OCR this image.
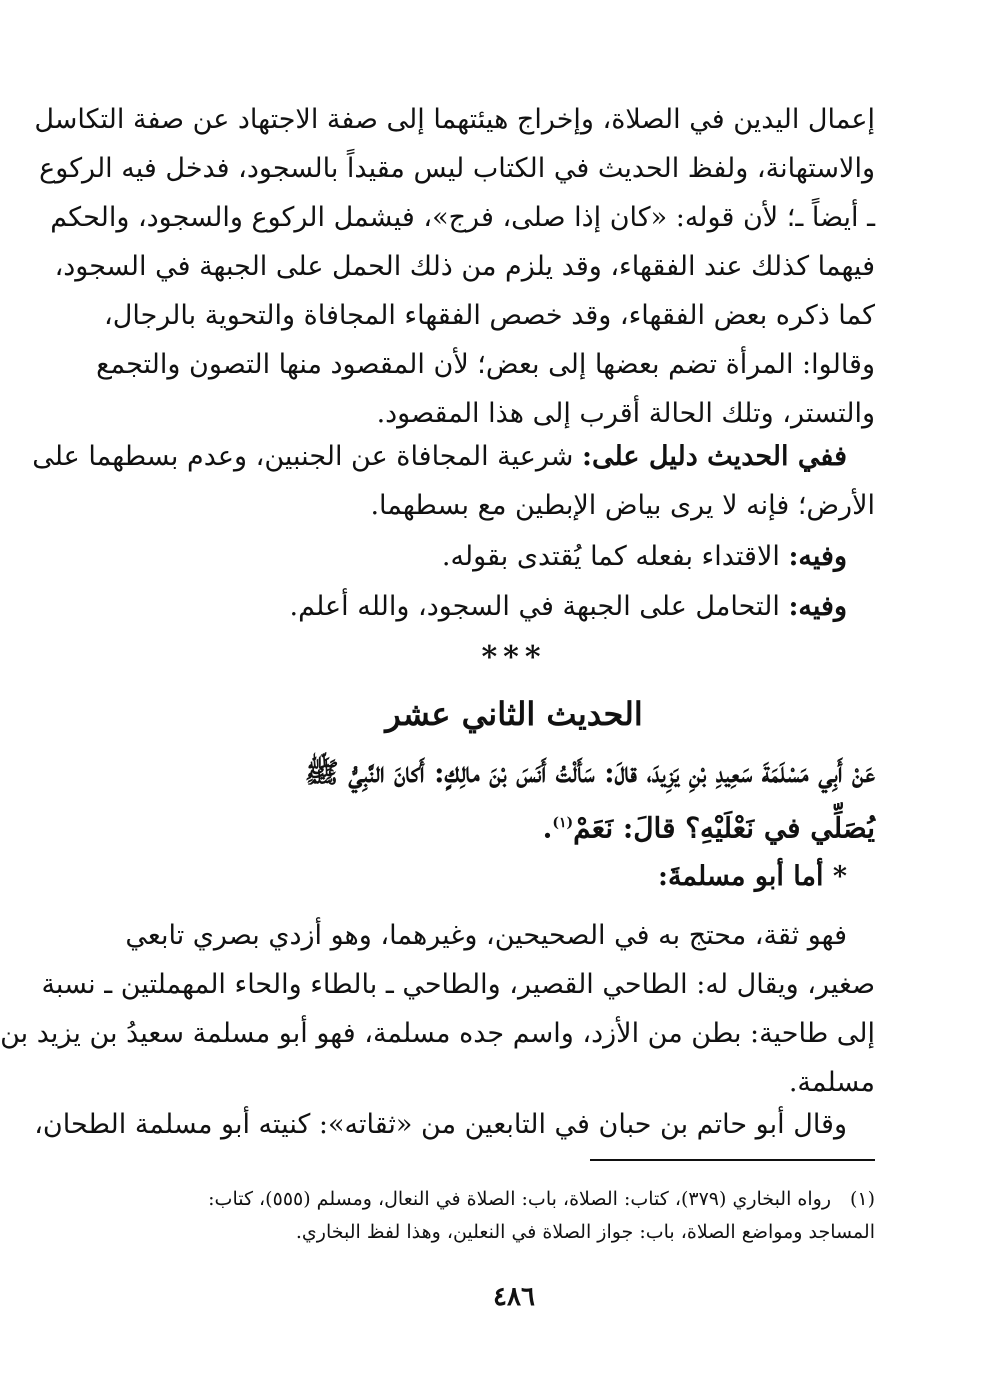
إعمال اليدين في الصلاة، وإخراج هيئتهما إلى صفة الاجتهاد عن صفة التكاسل
والاستهانة، ولفظ الحديث في الكتاب ليس مقيداً بالسجود، فدخل فيه الركوع
ـ أيضاً ـ؛ لأن قوله: «كان إذا صلى، فرج»، فيشمل الركوع والسجود، والحكم
فيهما كذلك عند الفقهاء، وقد يلزم من ذلك الحمل على الجبهة في السجود،
كما ذكره بعض الفقهاء، وقد خصص الفقهاء المجافاة والتحوية بالرجال،
وقالوا: المرأة تضم بعضها إلى بعض؛ لأن المقصود منها التصون والتجمع
والتستر، وتلك الحالة أقرب إلى هذا المقصود.
ففي الحديث دليل على: شرعية المجافاة عن الجنبين، وعدم بسطهما على
الأرض؛ فإنه لا يرى بياض الإبطين مع بسطهما.
وفيه: الاقتداء بفعله كما يُقتدى بقوله.
وفيه: التحامل على الجبهة في السجود، والله أعلم.
***
الحديث الثاني عشر
عَنْ أَبِي مَسْلَمَةَ سَعِيدِ بْنِ يَزِيدَ، قالَ: سَأَلْتُ أَنَسَ بْنَ مالِكٍ: أَكانَ النَّبِيُّ ﷺ
يُصَلِّي في نَعْلَيْهِ؟ قالَ: نَعَمْ$^{(١)}$.
* أما أبو مسلمةَ:
فهو ثقة، محتج به في الصحيحين، وغيرهما، وهو أزدي بصري تابعي
صغير، ويقال له: الطاحي القصير، والطاحي ـ بالطاء والحاء المهملتين ـ نسبة
إلى طاحية: بطن من الأزد، واسم جده مسلمة، فهو أبو مسلمة سعيدُ بن يزيد بن
مسلمة.
وقال أبو حاتم بن حبان في التابعين من «ثقاته»: كنيته أبو مسلمة الطحان،
(١)رواه البخاري (٣٧٩)، كتاب: الصلاة، باب: الصلاة في النعال، ومسلم (٥٥٥)، كتاب:
المساجد ومواضع الصلاة، باب: جواز الصلاة في النعلين، وهذا لفظ البخاري.
٤٨٦
